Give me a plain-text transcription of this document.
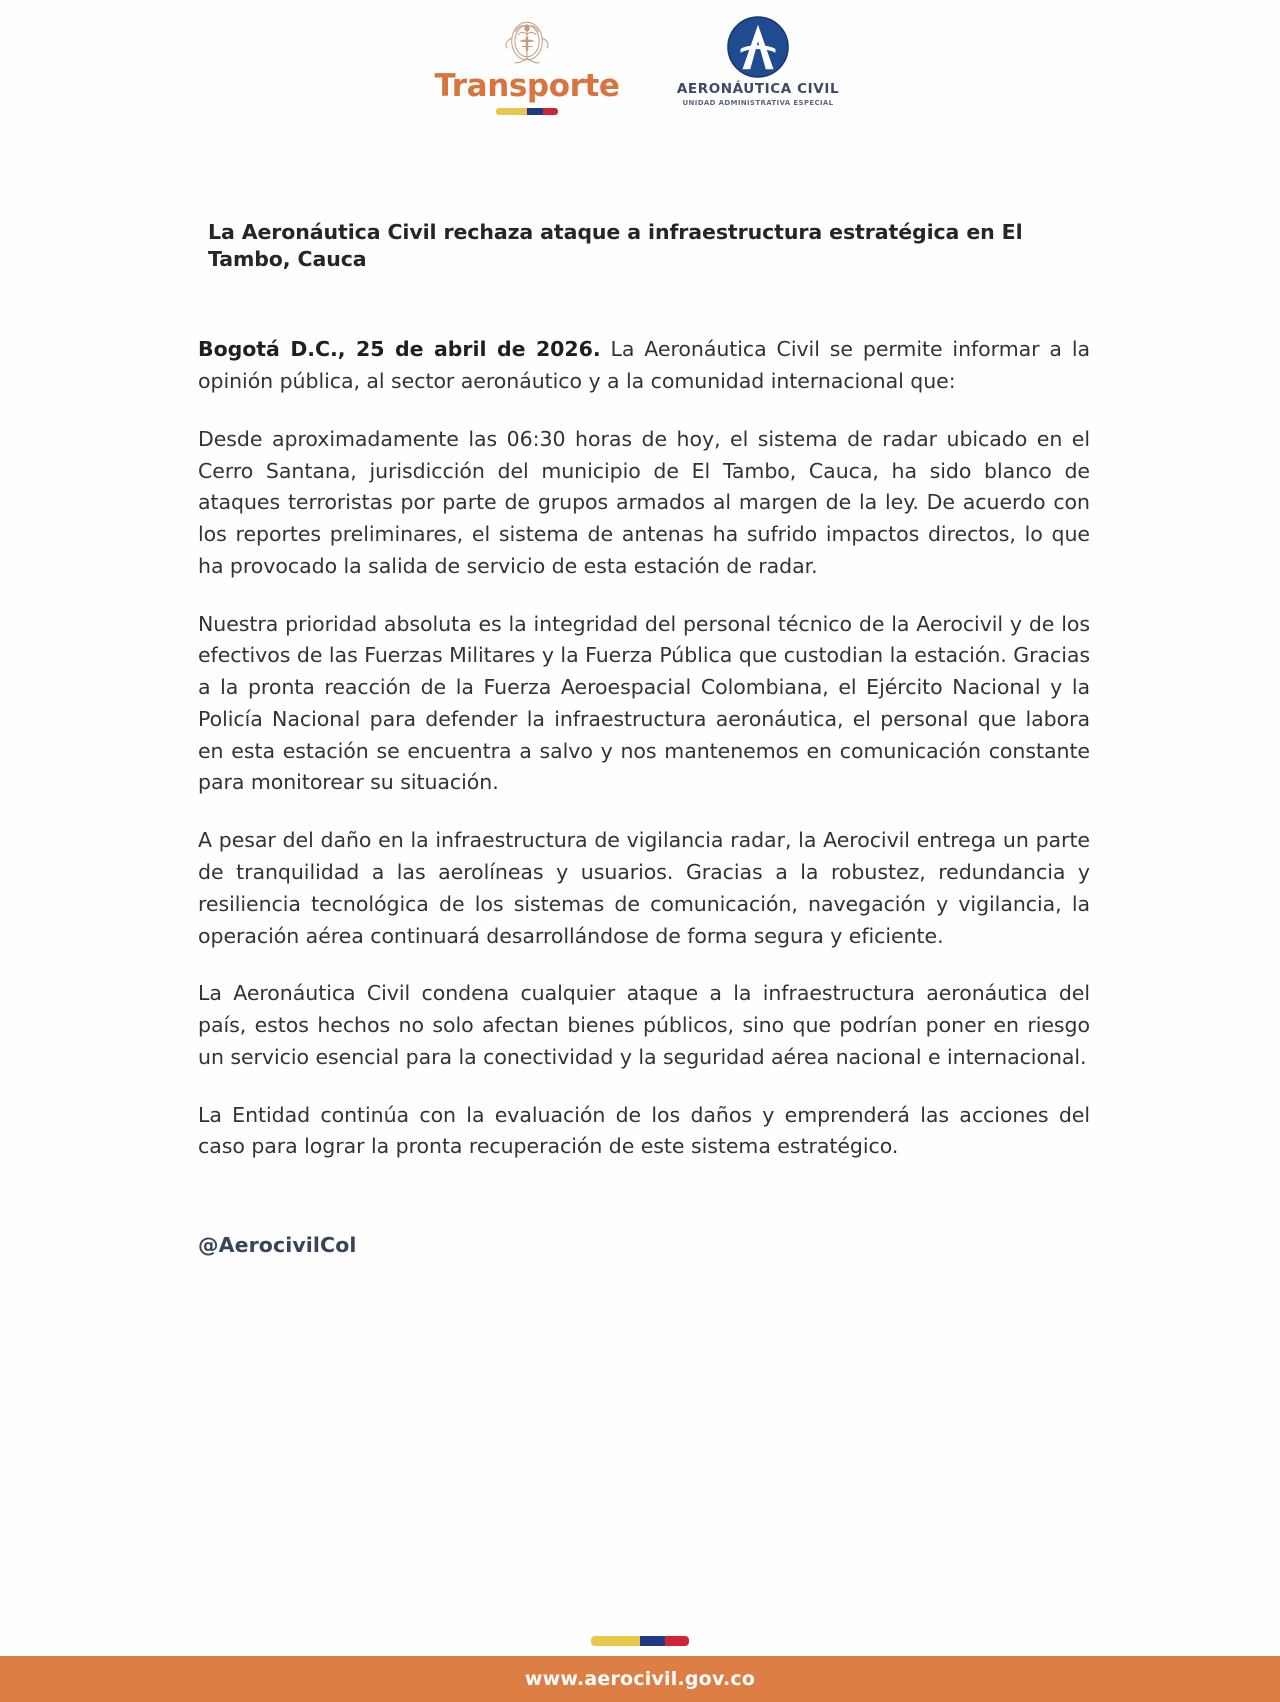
Transporte	AERONÁUTICA CIVIL
UNIDAD ADMINISTRATIVA ESPECIAL
La Aeronáutica Civil rechaza ataque a infraestructura estratégica en El Tambo, Cauca

Bogotá D.C., 25 de abril de 2026. La Aeronáutica Civil se permite informar a la opinión pública, al sector aeronáutico y a la comunidad internacional que:

Desde aproximadamente las 06:30 horas de hoy, el sistema de radar ubicado en el Cerro Santana, jurisdicción del municipio de El Tambo, Cauca, ha sido blanco de ataques terroristas por parte de grupos armados al margen de la ley. De acuerdo con los reportes preliminares, el sistema de antenas ha sufrido impactos directos, lo que ha provocado la salida de servicio de esta estación de radar.

Nuestra prioridad absoluta es la integridad del personal técnico de la Aerocivil y de los efectivos de las Fuerzas Militares y la Fuerza Pública que custodian la estación. Gracias a la pronta reacción de la Fuerza Aeroespacial Colombiana, el Ejército Nacional y la Policía Nacional para defender la infraestructura aeronáutica, el personal que labora en esta estación se encuentra a salvo y nos mantenemos en comunicación constante para monitorear su situación.

A pesar del daño en la infraestructura de vigilancia radar, la Aerocivil entrega un parte de tranquilidad a las aerolíneas y usuarios. Gracias a la robustez, redundancia y resiliencia tecnológica de los sistemas de comunicación, navegación y vigilancia, la operación aérea continuará desarrollándose de forma segura y eficiente.

La Aeronáutica Civil condena cualquier ataque a la infraestructura aeronáutica del país, estos hechos no solo afectan bienes públicos, sino que podrían poner en riesgo un servicio esencial para la conectividad y la seguridad aérea nacional e internacional.

La Entidad continúa con la evaluación de los daños y emprenderá las acciones del caso para lograr la pronta recuperación de este sistema estratégico.

@AerocivilCol
www.aerocivil.gov.co
